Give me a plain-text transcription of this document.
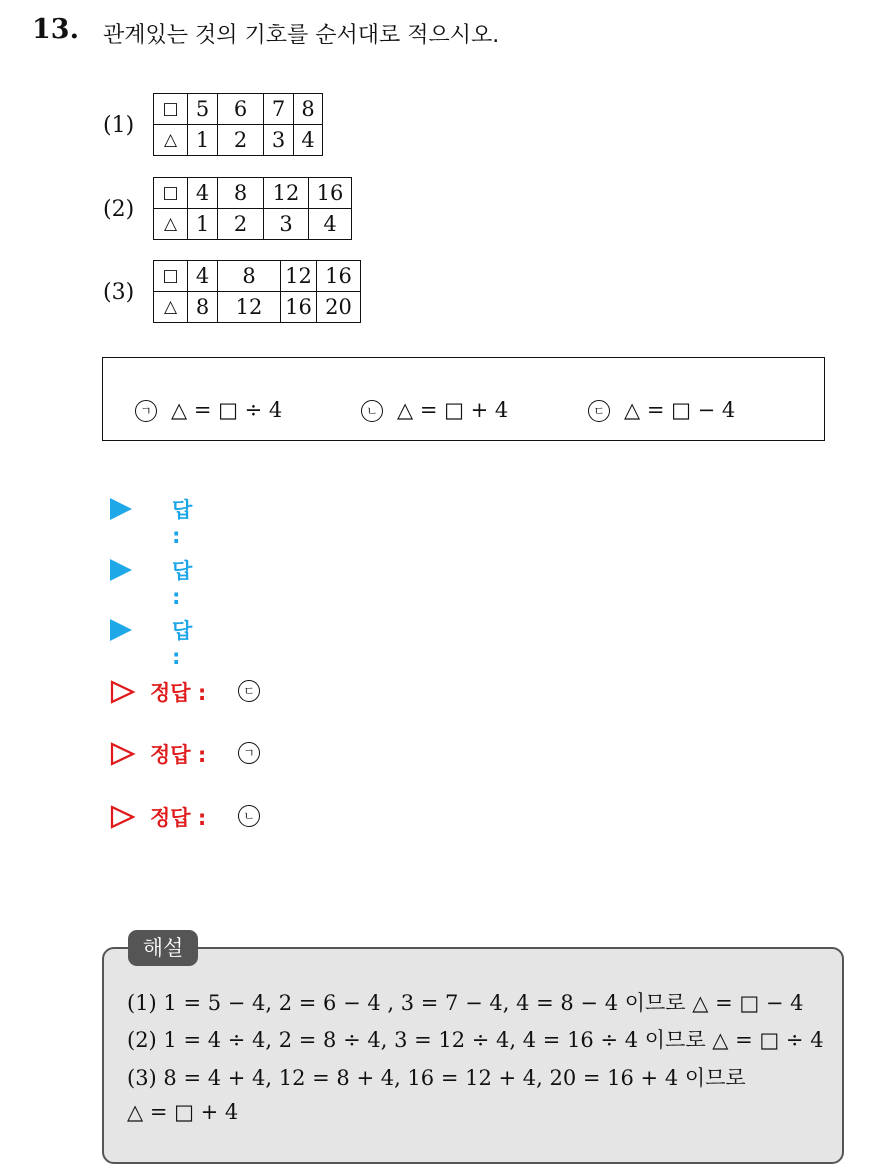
13. 관계있는 것의 기호를 순서대로 적으시오.
(1)
□	5	6	7	8
△	1	2	3	4
(2)
□	4	8	12	16
△	1	2	3	4
(3)
□	4	8	12	16
△	8	12	16	20
ㄱ △ = □ ÷ 4	ㄴ △ = □ + 4	ㄷ △ = □ − 4
답 :
답 :
답 :
정답 :	ㄷ
정답 :	ㄱ
정답 :	ㄴ
해설
(1) 1 = 5 − 4, 2 = 6 − 4 , 3 = 7 − 4, 4 = 8 − 4 이므로 △ = □ − 4
(2) 1 = 4 ÷ 4, 2 = 8 ÷ 4, 3 = 12 ÷ 4, 4 = 16 ÷ 4 이므로 △ = □ ÷ 4
(3) 8 = 4 + 4, 12 = 8 + 4, 16 = 12 + 4, 20 = 16 + 4 이므로
△ = □ + 4
